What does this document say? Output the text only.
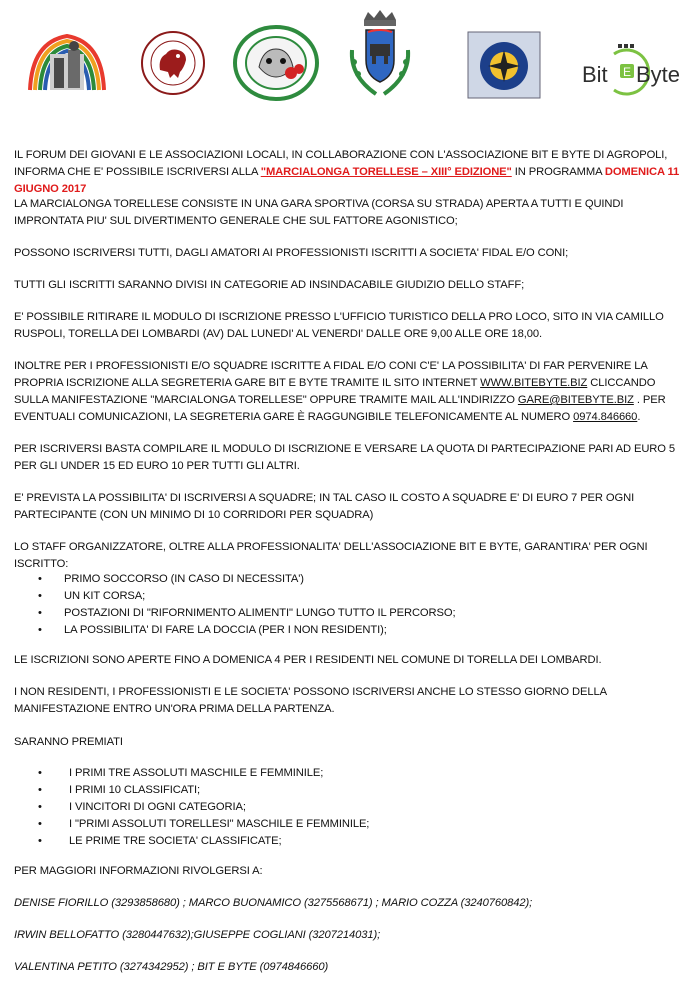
Bit E Byte

IL FORUM DEI GIOVANI E LE ASSOCIAZIONI LOCALI, IN COLLABORAZIONE CON L'ASSOCIAZIONE BIT E BYTE DI AGROPOLI, INFORMA CHE E' POSSIBILE ISCRIVERSI ALLA "MARCIALONGA TORELLESE – XIII° EDIZIONE" IN PROGRAMMA DOMENICA 11 GIUGNO 2017

LA MARCIALONGA TORELLESE CONSISTE IN UNA GARA SPORTIVA (CORSA SU STRADA) APERTA A TUTTI E QUINDI IMPRONTATA PIU' SUL DIVERTIMENTO GENERALE CHE SUL FATTORE AGONISTICO;

POSSONO ISCRIVERSI TUTTI, DAGLI AMATORI AI PROFESSIONISTI ISCRITTI A SOCIETA' FIDAL E/O CONI;

TUTTI GLI ISCRITTI SARANNO DIVISI IN CATEGORIE AD INSINDACABILE GIUDIZIO DELLO STAFF;

E' POSSIBILE RITIRARE IL MODULO DI ISCRIZIONE PRESSO L'UFFICIO TURISTICO DELLA PRO LOCO, SITO IN VIA CAMILLO RUSPOLI, TORELLA DEI LOMBARDI (AV) DAL LUNEDI' AL VENERDI' DALLE ORE 9,00 ALLE ORE 18,00.

INOLTRE PER I PROFESSIONISTI E/O SQUADRE ISCRITTE A FIDAL E/O CONI C'E' LA POSSIBILITA' DI FAR PERVENIRE LA PROPRIA ISCRIZIONE ALLA SEGRETERIA GARE BIT E BYTE TRAMITE IL SITO INTERNET WWW.BITEBYTE.BIZ CLICCANDO SULLA MANIFESTAZIONE "MARCIALONGA TORELLESE" OPPURE TRAMITE MAIL ALL'INDIRIZZO GARE@BITEBYTE.BIZ . PER EVENTUALI COMUNICAZIONI, LA SEGRETERIA GARE È RAGGUNGIBILE TELEFONICAMENTE AL NUMERO 0974.846660.

PER ISCRIVERSI BASTA COMPILARE IL MODULO DI ISCRIZIONE E VERSARE LA QUOTA DI PARTECIPAZIONE PARI AD EURO 5 PER GLI UNDER 15 ED EURO 10 PER TUTTI GLI ALTRI.

E' PREVISTA LA POSSIBILITA' DI ISCRIVERSI A SQUADRE; IN TAL CASO IL COSTO A SQUADRE E' DI EURO 7 PER OGNI PARTECIPANTE (CON UN MINIMO DI 10 CORRIDORI PER SQUADRA)

LO STAFF ORGANIZZATORE, OLTRE ALLA PROFESSIONALITA' DELL'ASSOCIAZIONE BIT E BYTE, GARANTIRA' PER OGNI ISCRITTO:

• PRIMO SOCCORSO (IN CASO DI NECESSITA')
• UN KIT CORSA;
• POSTAZIONI DI "RIFORNIMENTO ALIMENTI" LUNGO TUTTO IL PERCORSO;
• LA POSSIBILITA' DI FARE LA DOCCIA (PER I NON RESIDENTI);

LE ISCRIZIONI SONO APERTE FINO A DOMENICA 4 PER I RESIDENTI NEL COMUNE DI TORELLA DEI LOMBARDI.

I NON RESIDENTI, I PROFESSIONISTI E LE SOCIETA' POSSONO ISCRIVERSI ANCHE LO STESSO GIORNO DELLA MANIFESTAZIONE ENTRO UN'ORA PRIMA DELLA PARTENZA.

SARANNO PREMIATI

• I PRIMI TRE ASSOLUTI MASCHILE E FEMMINILE;
• I PRIMI 10 CLASSIFICATI;
• I VINCITORI DI OGNI CATEGORIA;
• I "PRIMI ASSOLUTI TORELLESI" MASCHILE E FEMMINILE;
• LE PRIME TRE SOCIETA' CLASSIFICATE;

PER MAGGIORI INFORMAZIONI RIVOLGERSI A:

DENISE FIORILLO (3293858680) ; MARCO BUONAMICO (3275568671) ; MARIO COZZA (3240760842);

IRWIN BELLOFATTO (3280447632);GIUSEPPE COGLIANI (3207214031);

VALENTINA PETITO (3274342952) ; BIT E BYTE (0974846660)
